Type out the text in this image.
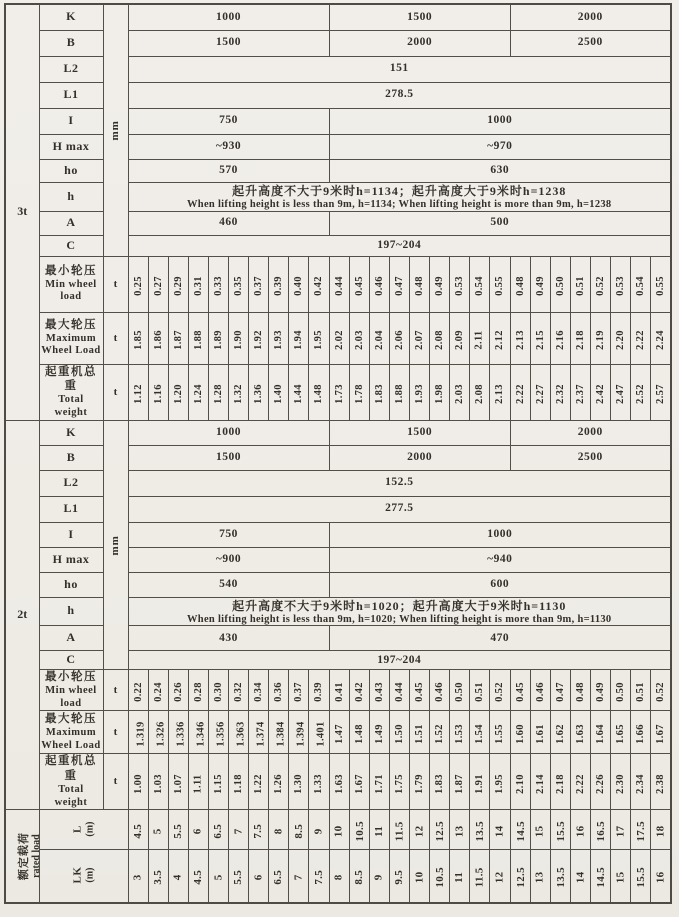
3t	K	mm	1000										1500									2000							
	B		1500										2000									2500							
	L2		151																										
	L1		278.5																										
	I		750										1000																
	H max		~930										~970																
	ho		570										630																
	h		起升高度不大于9米时h=1134；起升高度大于9米时h=1238
When lifting height is less than 9m, h=1134; When lifting height is more than 9m, h=1238																										

	A		460										500																
	C		197~204																										

	最小轮压
Min wheel
load	t	0.25	0.27	0.29	0.31	0.33	0.35	0.37	0.39	0.40	0.42	0.44	0.45	0.46	0.47	0.48	0.49	0.53	0.54	0.55	0.48	0.49	0.50	0.51	0.52	0.53	0.54	0.55

	最大轮压
Maximum
Wheel Load	t	1.85	1.86	1.87	1.88	1.89	1.90	1.92	1.93	1.94	1.95	2.02	2.03	2.04	2.06	2.07	2.08	2.09	2.11	2.12	2.13	2.15	2.16	2.18	2.19	2.20	2.22	2.24

	起重机总重
Total
weight	t	1.12	1.16	1.20	1.24	1.28	1.32	1.36	1.40	1.44	1.48	1.73	1.78	1.83	1.88	1.93	1.98	2.03	2.08	2.13	2.22	2.27	2.32	2.37	2.42	2.47	2.52	2.57
2t	K	mm	1000										1500									2000							
	B		1500										2000									2500							
	L2		152.5																										
	L1		277.5																										
	I		750										1000																
	H max		~900										~940																
	ho		540										600																
	h		起升高度不大于9米时h=1020；起升高度大于9米时h=1130
When lifting height is less than 9m, h=1020; When lifting height is more than 9m, h=1130																										

	A		430										470																
	C		197~204																										

	最小轮压
Min wheel
load	t	0.22	0.24	0.26	0.28	0.30	0.32	0.34	0.36	0.37	0.39	0.41	0.42	0.43	0.44	0.45	0.46	0.50	0.51	0.52	0.45	0.46	0.47	0.48	0.49	0.50	0.51	0.52

	最大轮压
Maximum
Wheel Load	t	1.319	1.326	1.336	1.346	1.356	1.363	1.374	1.384	1.394	1.401	1.47	1.48	1.49	1.50	1.51	1.52	1.53	1.54	1.55	1.60	1.61	1.62	1.63	1.64	1.65	1.66	1.67

	起重机总重
Total
weight	t	1.00	1.03	1.07	1.11	1.15	1.18	1.22	1.26	1.30	1.33	1.63	1.67	1.71	1.75	1.79	1.83	1.87	1.91	1.95	2.10	2.14	2.18	2.22	2.26	2.30	2.34	2.38

额定载荷 rated load	L (m)		4.5	5	5.5	6	6.5	7	7.5	8	8.5	9	10	10.5	11	11.5	12	12.5	13	13.5	14	14.5	15	15.5	16	16.5	17	17.5	18

	LK (m)		3	3.5	4	4.5	5	5.5	6	6.5	7	7.5	8	8.5	9	9.5	10	10.5	11	11.5	12	12.5	13	13.5	14	14.5	15	15.5	16
